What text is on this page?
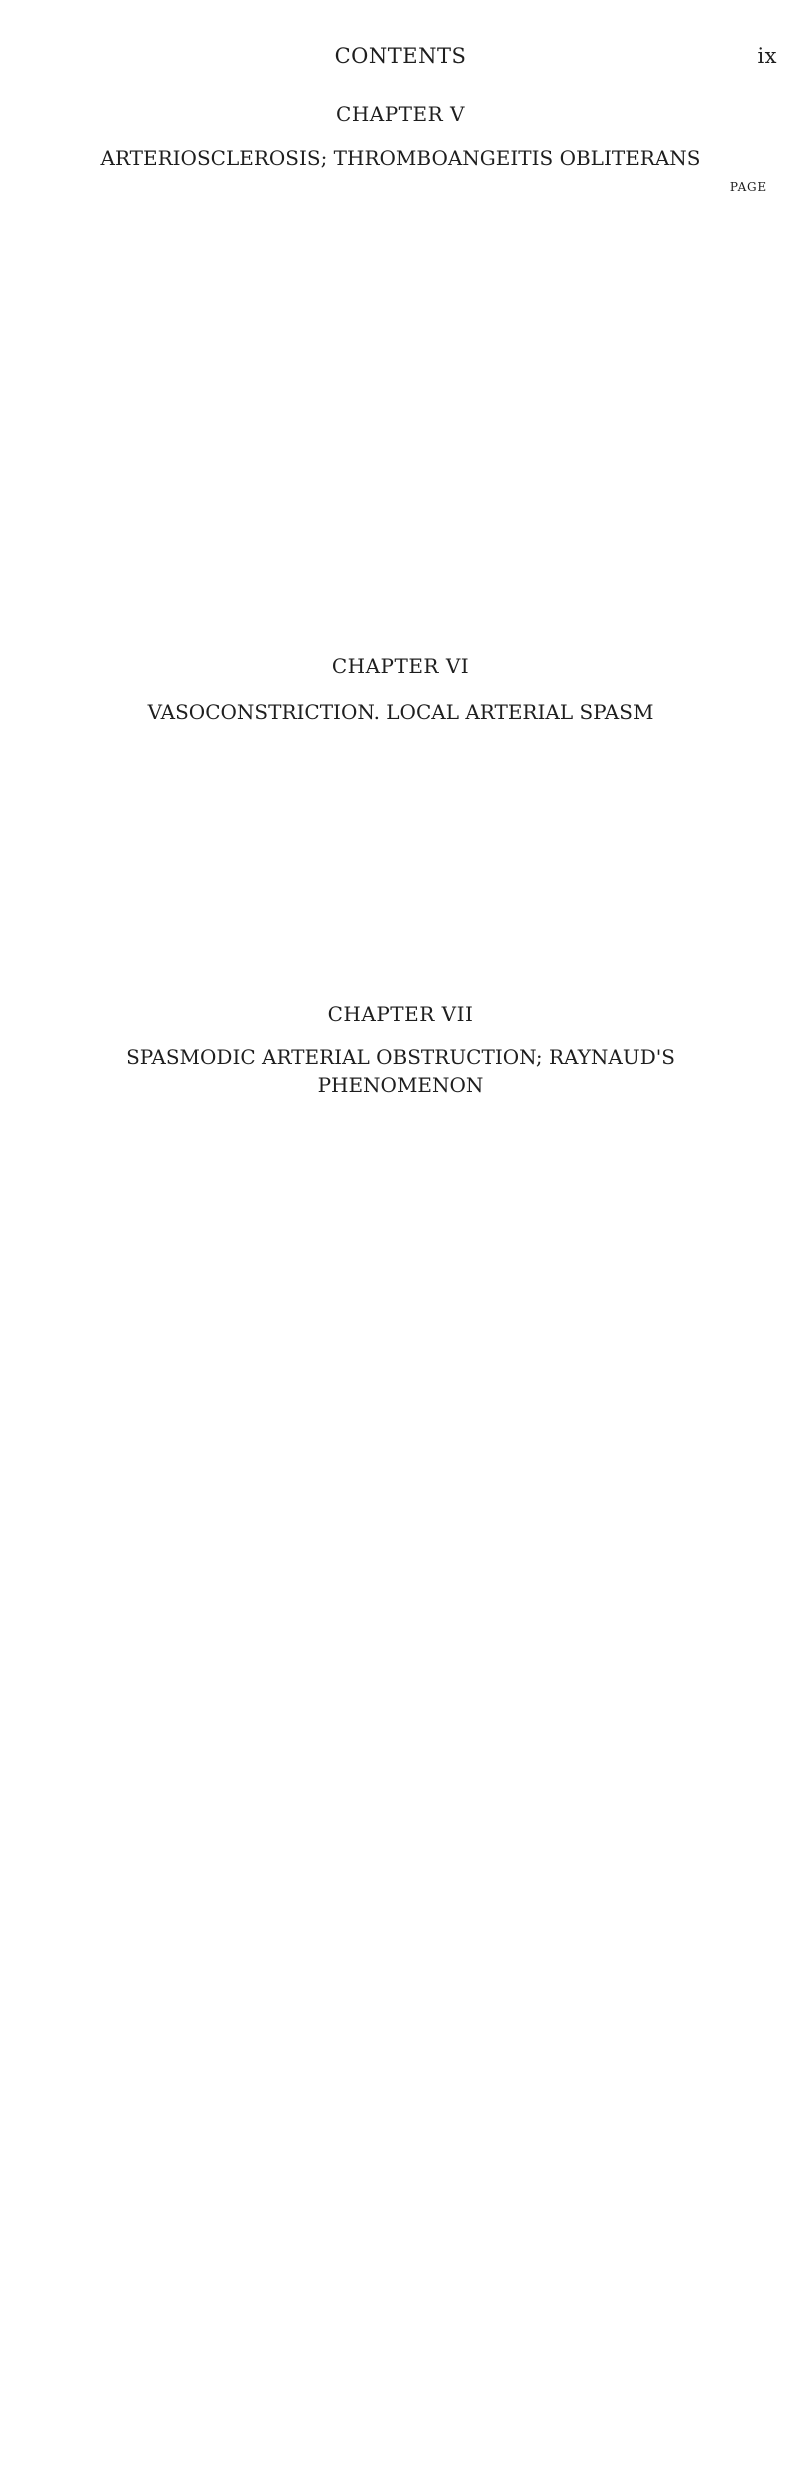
CONTENTS	ix
CHAPTER V
ARTERIOSCLEROSIS; THROMBOANGEITIS OBLITERANS
PAGE
.
.
.
.
.
.
.
.
.
.
.
.
.
.
.
.
.
.
.
CHAPTER VI
VASOCONSTRICTION. LOCAL ARTERIAL SPASM
.
.
.
.
.
.
.
.
.
CHAPTER VII
SPASMODIC ARTERIAL OBSTRUCTION; RAYNAUD'S
PHENOMENON
.
.
.
.
